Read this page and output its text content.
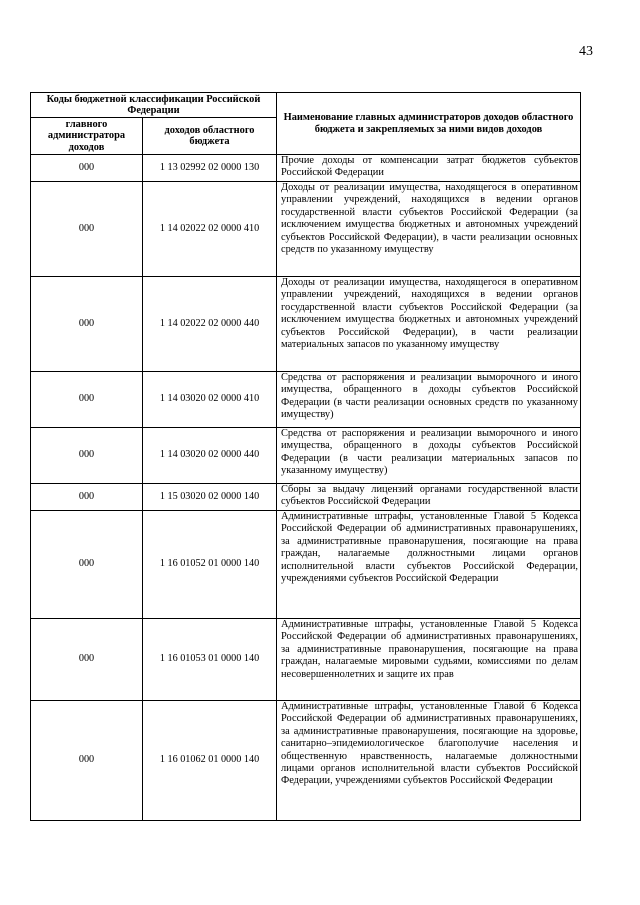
43
Коды бюджетной классификации Российской Федерации		Наименование главных администраторов доходов областного бюджета и закрепляемых за ними видов доходов
главного администратора доходов	доходов областного бюджета	
000	1 13 02992 02 0000 130	Прочие доходы от компенсации затрат бюджетов субъектов Российской Федерации
000	1 14 02022 02 0000 410	Доходы от реализации имущества, находящегося в оперативном управлении учреждений, находящихся в ведении органов государственной власти субъектов Российской Федерации (за исключением имущества бюджетных и автономных учреждений субъектов Российской Федерации), в части реализации основных средств по указанному имуществу
000	1 14 02022 02 0000 440	Доходы от реализации имущества, находящегося в оперативном управлении учреждений, находящихся в ведении органов государственной власти субъектов Российской Федерации (за исключением имущества бюджетных и автономных учреждений субъектов Российской Федерации), в части реализации материальных запасов по указанному имуществу
000	1 14 03020 02 0000 410	Средства от распоряжения и реализации выморочного и иного имущества, обращенного в доходы субъектов Российской Федерации (в части реализации основных средств по указанному имуществу)
000	1 14 03020 02 0000 440	Средства от распоряжения и реализации выморочного и иного имущества, обращенного в доходы субъектов Российской Федерации (в части реализации материальных запасов по указанному имуществу)
000	1 15 03020 02 0000 140	Сборы за выдачу лицензий органами государственной власти субъектов Российской Федерации
000	1 16 01052 01 0000 140	Административные штрафы, установленные Главой 5 Кодекса Российской Федерации об административных правонарушениях, за административные правонарушения, посягающие на права граждан, налагаемые должностными лицами органов исполнительной власти субъектов Российской Федерации, учреждениями субъектов Российской Федерации
000	1 16 01053 01 0000 140	Административные штрафы, установленные Главой 5 Кодекса Российской Федерации об административных правонарушениях, за административные правонарушения, посягающие на права граждан, налагаемые мировыми судьями, комиссиями по делам несовершеннолетних и защите их прав
000	1 16 01062 01 0000 140	Административные штрафы, установленные Главой 6 Кодекса Российской Федерации об административных правонарушениях, за административные правонарушения, посягающие на здоровье, санитарно–эпидемиологическое благополучие населения и общественную нравственность, налагаемые должностными лицами органов исполнительной власти субъектов Российской Федерации, учреждениями субъектов Российской Федерации
